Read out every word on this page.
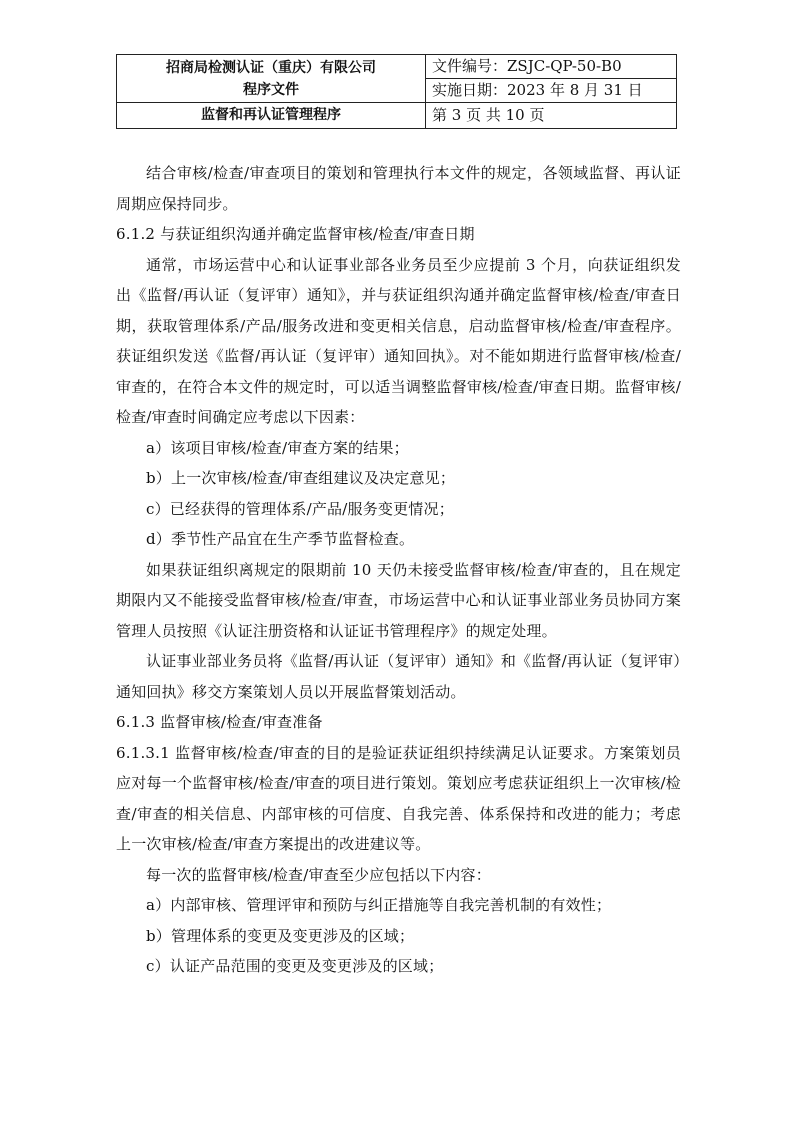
招商局检测认证（重庆）有限公司
程序文件	文件编号：ZSJC-QP-50-B0
	实施日期：2023 年 8 月 31 日
监督和再认证管理程序	第 3 页 共 10 页

结合审核/检查/审查项目的策划和管理执行本文件的规定，各领域监督、再认证周期应保持同步。

6.1.2 与获证组织沟通并确定监督审核/检查/审查日期

通常，市场运营中心和认证事业部各业务员至少应提前 3 个月，向获证组织发出《监督/再认证（复评审）通知》，并与获证组织沟通并确定监督审核/检查/审查日期，获取管理体系/产品/服务改进和变更相关信息，启动监督审核/检查/审查程序。获证组织发送《监督/再认证（复评审）通知回执》。对不能如期进行监督审核/检查/审查的，在符合本文件的规定时，可以适当调整监督审核/检查/审查日期。监督审核/检查/审查时间确定应考虑以下因素：

a）该项目审核/检查/审查方案的结果；

b）上一次审核/检查/审查组建议及决定意见；

c）已经获得的管理体系/产品/服务变更情况；

d）季节性产品宜在生产季节监督检查。

如果获证组织离规定的限期前 10 天仍未接受监督审核/检查/审查的，且在规定期限内又不能接受监督审核/检查/审查，市场运营中心和认证事业部业务员协同方案管理人员按照《认证注册资格和认证证书管理程序》的规定处理。

认证事业部业务员将《监督/再认证（复评审）通知》和《监督/再认证（复评审）通知回执》移交方案策划人员以开展监督策划活动。

6.1.3 监督审核/检查/审查准备

6.1.3.1 监督审核/检查/审查的目的是验证获证组织持续满足认证要求。方案策划员应对每一个监督审核/检查/审查的项目进行策划。策划应考虑获证组织上一次审核/检查/审查的相关信息、内部审核的可信度、自我完善、体系保持和改进的能力；考虑上一次审核/检查/审查方案提出的改进建议等。

每一次的监督审核/检查/审查至少应包括以下内容：

a）内部审核、管理评审和预防与纠正措施等自我完善机制的有效性；

b）管理体系的变更及变更涉及的区域；

c）认证产品范围的变更及变更涉及的区域；
